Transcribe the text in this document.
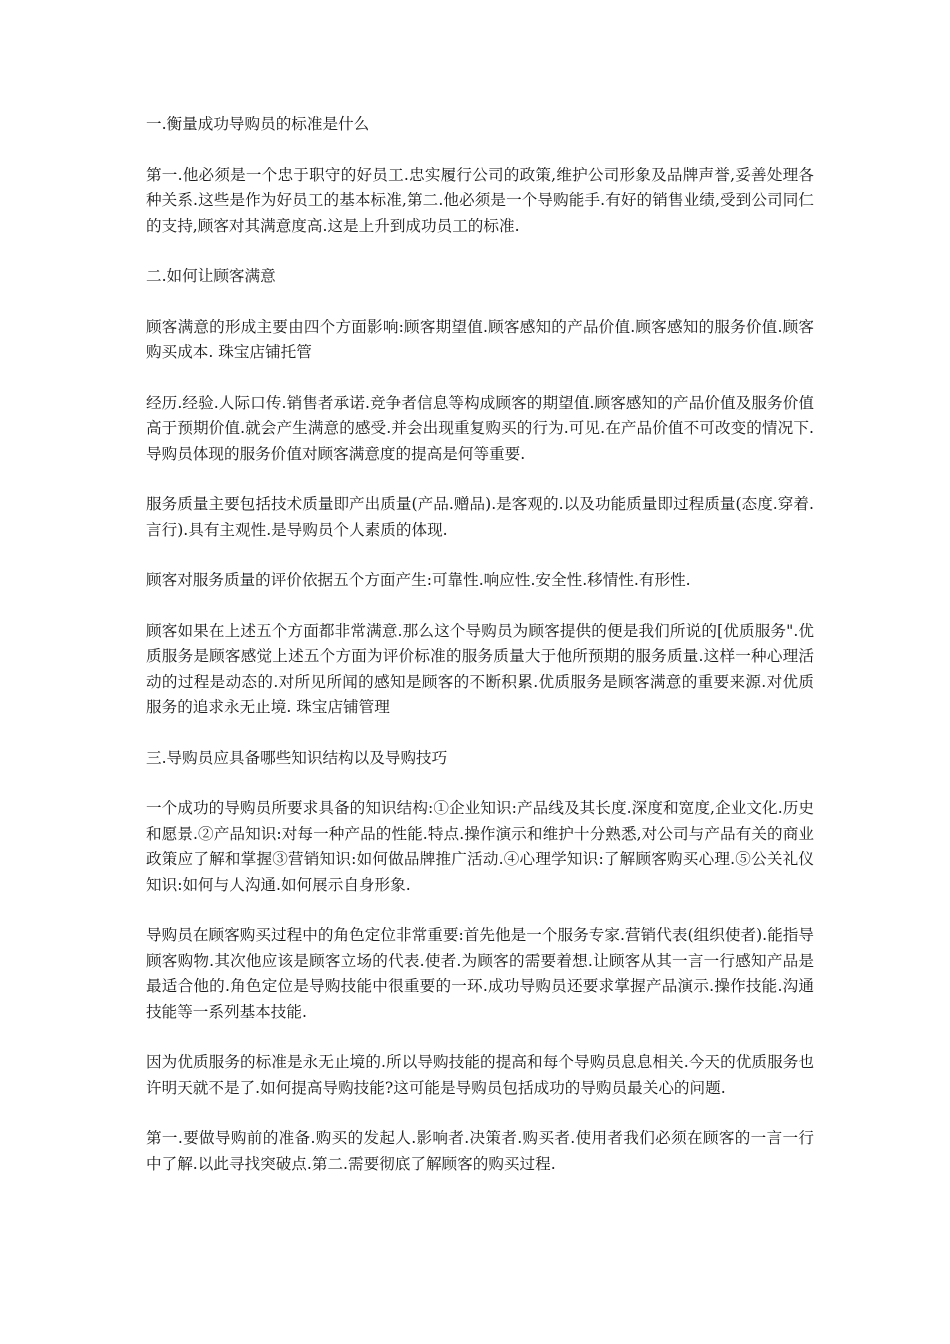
一.衡量成功导购员的标准是什么

第一.他必须是一个忠于职守的好员工.忠实履行公司的政策,维护公司形象及品牌声誉,妥善处理各种关系.这些是作为好员工的基本标准,第二.他必须是一个导购能手.有好的销售业绩,受到公司同仁的支持,顾客对其满意度高.这是上升到成功员工的标准.

二.如何让顾客满意

顾客满意的形成主要由四个方面影响:顾客期望值.顾客感知的产品价值.顾客感知的服务价值.顾客购买成本. 珠宝店铺托管

经历.经验.人际口传.销售者承诺.竞争者信息等构成顾客的期望值.顾客感知的产品价值及服务价值高于预期价值.就会产生满意的感受.并会出现重复购买的行为.可见.在产品价值不可改变的情况下.导购员体现的服务价值对顾客满意度的提高是何等重要.

服务质量主要包括技术质量即产出质量(产品.赠品).是客观的.以及功能质量即过程质量(态度.穿着.言行).具有主观性.是导购员个人素质的体现.

顾客对服务质量的评价依据五个方面产生:可靠性.响应性.安全性.移情性.有形性.

顾客如果在上述五个方面都非常满意.那么这个导购员为顾客提供的便是我们所说的[优质服务".优质服务是顾客感觉上述五个方面为评价标准的服务质量大于他所预期的服务质量.这样一种心理活动的过程是动态的.对所见所闻的感知是顾客的不断积累.优质服务是顾客满意的重要来源.对优质服务的追求永无止境. 珠宝店铺管理

三.导购员应具备哪些知识结构以及导购技巧

一个成功的导购员所要求具备的知识结构:①企业知识:产品线及其长度.深度和宽度,企业文化.历史和愿景.②产品知识:对每一种产品的性能.特点.操作演示和维护十分熟悉,对公司与产品有关的商业政策应了解和掌握③营销知识:如何做品牌推广活动.④心理学知识:了解顾客购买心理.⑤公关礼仪知识:如何与人沟通.如何展示自身形象.

导购员在顾客购买过程中的角色定位非常重要:首先他是一个服务专家.营销代表(组织使者).能指导顾客购物.其次他应该是顾客立场的代表.使者.为顾客的需要着想.让顾客从其一言一行感知产品是最适合他的.角色定位是导购技能中很重要的一环.成功导购员还要求掌握产品演示.操作技能.沟通技能等一系列基本技能.

因为优质服务的标准是永无止境的.所以导购技能的提高和每个导购员息息相关.今天的优质服务也许明天就不是了.如何提高导购技能?这可能是导购员包括成功的导购员最关心的问题.

第一.要做导购前的准备.购买的发起人.影响者.决策者.购买者.使用者我们必须在顾客的一言一行中了解.以此寻找突破点.第二.需要彻底了解顾客的购买过程.
